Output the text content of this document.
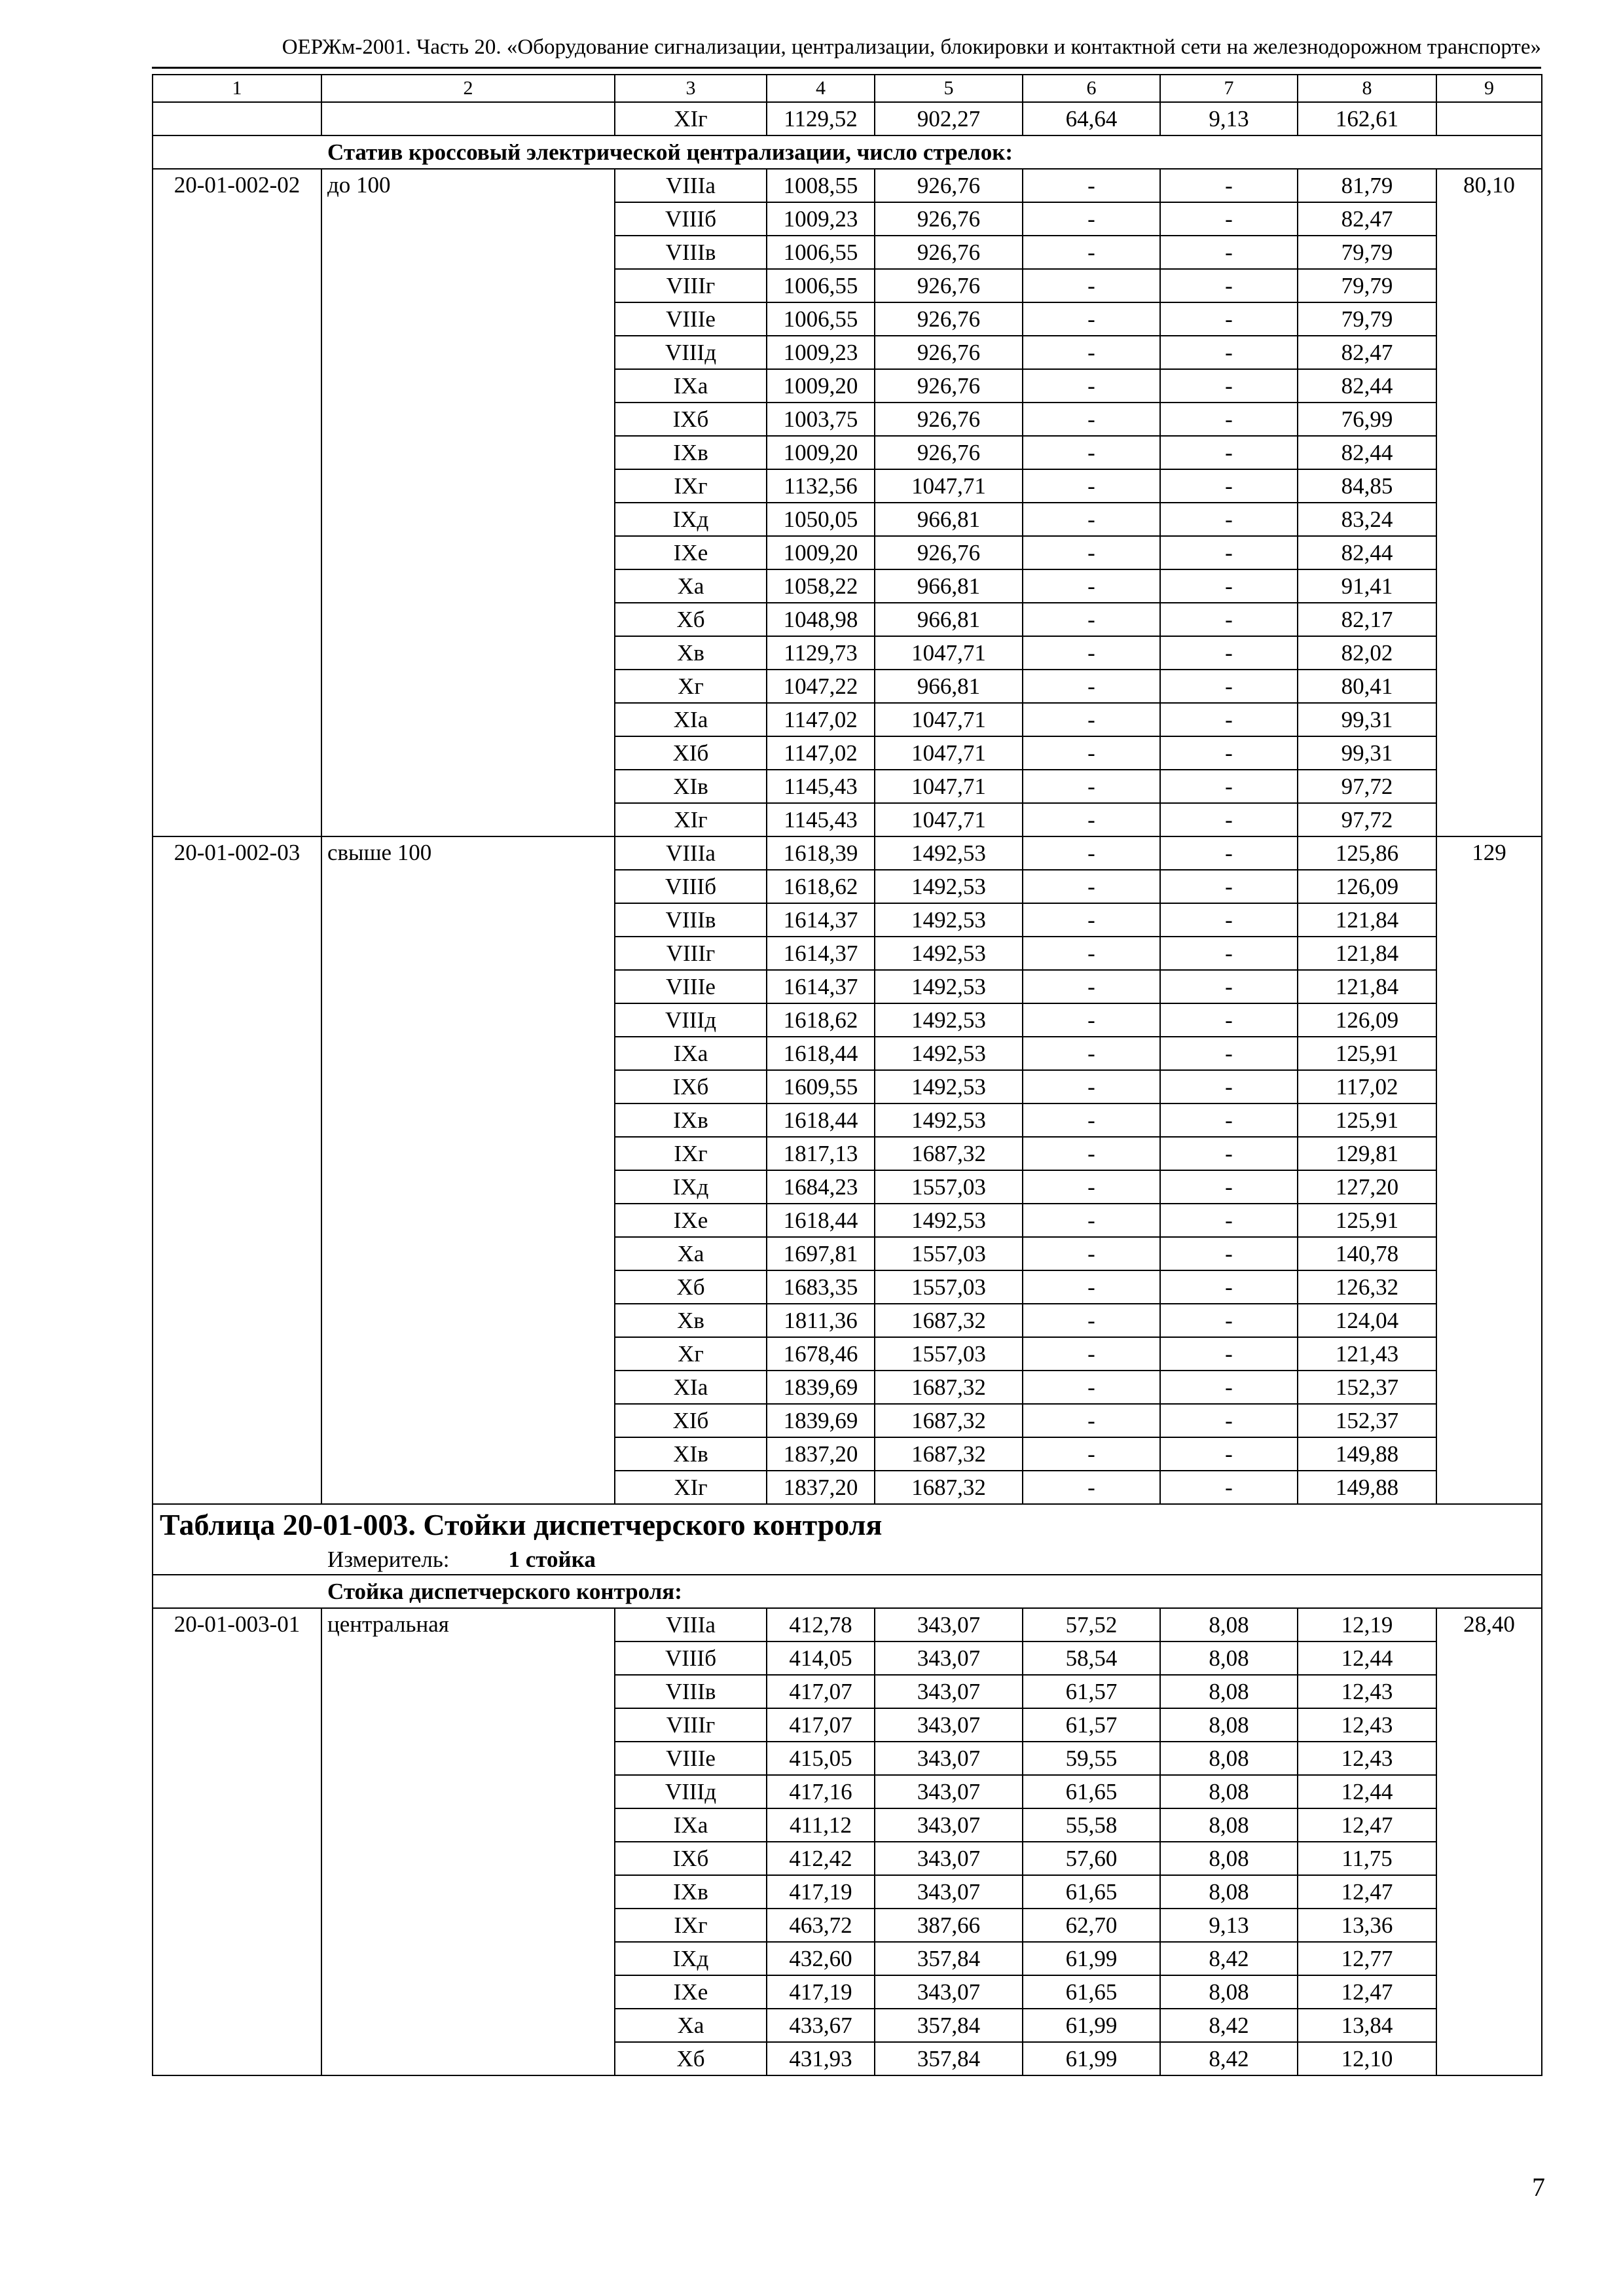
ОЕРЖм-2001. Часть 20. «Оборудование сигнализации, централизации, блокировки и контактной сети на железнодорожном транспорте»
1	2	3	4	5	6	7	8	9
		XIг	1129,52	902,27	64,64	9,13	162,61	
Статив кроссовый электрической централизации, число стрелок:								
20-01-002-02	до 100	VIIIа	1008,55	926,76	-	-	81,79	80,10
		VIIIб	1009,23	926,76	-	-	82,47	
		VIIIв	1006,55	926,76	-	-	79,79	
		VIIIг	1006,55	926,76	-	-	79,79	
		VIIIе	1006,55	926,76	-	-	79,79	
		VIIIд	1009,23	926,76	-	-	82,47	
		IXа	1009,20	926,76	-	-	82,44	
		IXб	1003,75	926,76	-	-	76,99	
		IXв	1009,20	926,76	-	-	82,44	
		IXг	1132,56	1047,71	-	-	84,85	
		IXд	1050,05	966,81	-	-	83,24	
		IXе	1009,20	926,76	-	-	82,44	
		Xа	1058,22	966,81	-	-	91,41	
		Xб	1048,98	966,81	-	-	82,17	
		Xв	1129,73	1047,71	-	-	82,02	
		Xг	1047,22	966,81	-	-	80,41	
		XIа	1147,02	1047,71	-	-	99,31	
		XIб	1147,02	1047,71	-	-	99,31	
		XIв	1145,43	1047,71	-	-	97,72	
		XIг	1145,43	1047,71	-	-	97,72	
20-01-002-03	свыше 100	VIIIа	1618,39	1492,53	-	-	125,86	129
		VIIIб	1618,62	1492,53	-	-	126,09	
		VIIIв	1614,37	1492,53	-	-	121,84	
		VIIIг	1614,37	1492,53	-	-	121,84	
		VIIIе	1614,37	1492,53	-	-	121,84	
		VIIIд	1618,62	1492,53	-	-	126,09	
		IXа	1618,44	1492,53	-	-	125,91	
		IXб	1609,55	1492,53	-	-	117,02	
		IXв	1618,44	1492,53	-	-	125,91	
		IXг	1817,13	1687,32	-	-	129,81	
		IXд	1684,23	1557,03	-	-	127,20	
		IXе	1618,44	1492,53	-	-	125,91	
		Xа	1697,81	1557,03	-	-	140,78	
		Xб	1683,35	1557,03	-	-	126,32	
		Xв	1811,36	1687,32	-	-	124,04	
		Xг	1678,46	1557,03	-	-	121,43	
		XIа	1839,69	1687,32	-	-	152,37	
		XIб	1839,69	1687,32	-	-	152,37	
		XIв	1837,20	1687,32	-	-	149,88	
		XIг	1837,20	1687,32	-	-	149,88	
Таблица 20-01-003. Стойки диспетчерского контроля								
Измеритель: 1 стойка								
Стойка диспетчерского контроля:								
20-01-003-01	центральная	VIIIа	412,78	343,07	57,52	8,08	12,19	28,40
		VIIIб	414,05	343,07	58,54	8,08	12,44	
		VIIIв	417,07	343,07	61,57	8,08	12,43	
		VIIIг	417,07	343,07	61,57	8,08	12,43	
		VIIIе	415,05	343,07	59,55	8,08	12,43	
		VIIIд	417,16	343,07	61,65	8,08	12,44	
		IXа	411,12	343,07	55,58	8,08	12,47	
		IXб	412,42	343,07	57,60	8,08	11,75	
		IXв	417,19	343,07	61,65	8,08	12,47	
		IXг	463,72	387,66	62,70	9,13	13,36	
		IXд	432,60	357,84	61,99	8,42	12,77	
		IXе	417,19	343,07	61,65	8,08	12,47	
		Xа	433,67	357,84	61,99	8,42	13,84	
		Xб	431,93	357,84	61,99	8,42	12,10	
7
